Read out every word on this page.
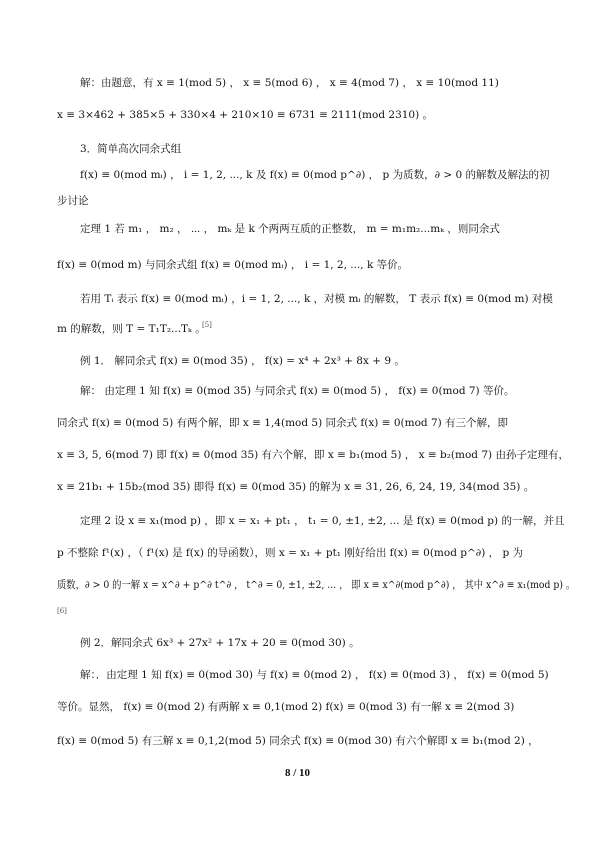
解：由题意，有 x ≡ 1(mod 5) ， x ≡ 5(mod 6) ， x ≡ 4(mod 7) ， x ≡ 10(mod 11)
x ≡ 3×462 + 385×5 + 330×4 + 210×10 ≡ 6731 ≡ 2111(mod 2310) 。
3．简单高次同余式组
f(x) ≡ 0(mod mᵢ) ， i = 1, 2, ..., k 及 f(x) ≡ 0(mod p^∂) ， p 为质数，∂ > 0 的解数及解法的初
步讨论
定理 1 若 m₁ ， m₂ ， ⋯ ， mₖ 是 k 个两两互质的正整数， m = m₁m₂...mₖ ，则同余式
f(x) ≡ 0(mod m) 与同余式组 f(x) ≡ 0(mod mᵢ) ， i = 1, 2, ..., k 等价。
若用 Tᵢ 表示 f(x) ≡ 0(mod mᵢ) ，i = 1, 2, ..., k ，对模 mᵢ 的解数， T 表示 f(x) ≡ 0(mod m) 对模
m 的解数，则 T = T₁T₂...Tₖ 。
[5]
例 1． 解同余式 f(x) ≡ 0(mod 35) ， f(x) = x⁴ + 2x³ + 8x + 9 。
解： 由定理 1 知 f(x) ≡ 0(mod 35) 与同余式 f(x) ≡ 0(mod 5) ， f(x) ≡ 0(mod 7) 等价。
同余式 f(x) ≡ 0(mod 5) 有两个解，即 x ≡ 1,4(mod 5) 同余式 f(x) ≡ 0(mod 7) 有三个解，即
x ≡ 3, 5, 6(mod 7) 即 f(x) ≡ 0(mod 35) 有六个解，即 x ≡ b₁(mod 5) ， x ≡ b₂(mod 7) 由孙子定理有，
x ≡ 21b₁ + 15b₂(mod 35) 即得 f(x) ≡ 0(mod 35) 的解为 x ≡ 31, 26, 6, 24, 19, 34(mod 35) 。
定理 2 设 x ≡ x₁(mod p) ，即 x = x₁ + pt₁ ， t₁ = 0, ±1, ±2, ... 是 f(x) ≡ 0(mod p) 的一解，并且
p 不整除 f¹(x) ，（ f¹(x) 是 f(x) 的导函数），则 x = x₁ + pt₁ 刚好给出 f(x) ≡ 0(mod p^∂) ， p 为
质数，∂ > 0 的一解 x = x^∂ + p^∂ t^∂ ， t^∂ = 0, ±1, ±2, ... ， 即 x ≡ x^∂(mod p^∂) ， 其中 x^∂ ≡ x₁(mod p) 。
[6]
例 2．解同余式 6x³ + 27x² + 17x + 20 ≡ 0(mod 30) 。
解：．由定理 1 知 f(x) ≡ 0(mod 30) 与 f(x) ≡ 0(mod 2) ， f(x) ≡ 0(mod 3) ， f(x) ≡ 0(mod 5)
等价。显然， f(x) ≡ 0(mod 2) 有两解 x ≡ 0,1(mod 2) f(x) ≡ 0(mod 3) 有一解 x ≡ 2(mod 3)
f(x) ≡ 0(mod 5) 有三解 x ≡ 0,1,2(mod 5) 同余式 f(x) ≡ 0(mod 30) 有六个解即 x ≡ b₁(mod 2) ，
8 / 10
